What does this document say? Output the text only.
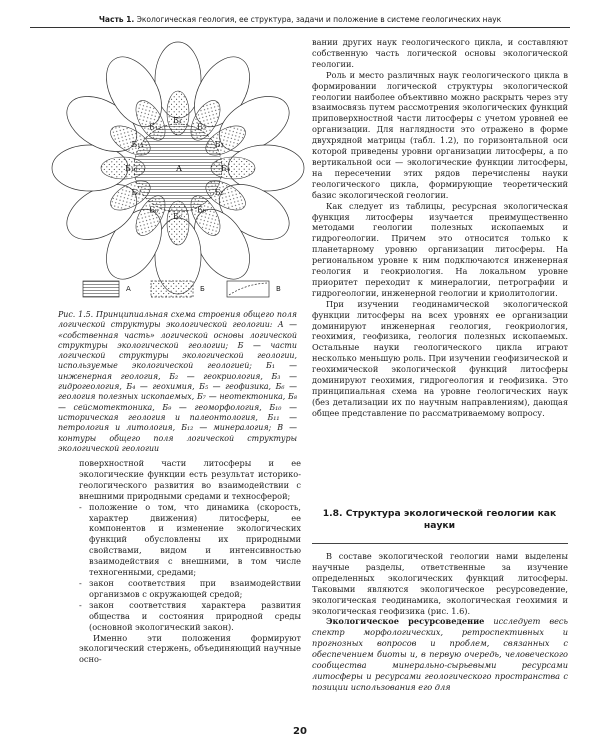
Часть 1. Экологическая геология, ее структура, задачи и положение в системе геологических наук
Б₁
Б₂
Б₃
Б₄
Б₅
Б₆
Б₇
Б₈
Б₉
Б₁₀
Б₁₁
Б₁₂
А
А	Б	В
Рис. 1.5. Принципиальная схема строения общего поля логической структуры экологической геологии: А — «собственная часть» логической основы логической структуры экологической геологии; Б — части логической структуры экологической геологии, используемые экологической геологией; Б₁ — инженерная геология, Б₂ — геокриология, Б₃ — гидрогеология, Б₄ — геохимия, Б₅ — геофизика, Б₆ — геология полезных ископаемых, Б₇ — неотектоника, Б₈ — сейсмотектоника, Б₉ — геоморфология, Б₁₀ — историческая геология и палеонтология, Б₁₁ — петрология и литология, Б₁₂ — минералогия; В — контуры общего поля логической структуры экологической геологии

поверхностной части литосферы и ее экологические функции есть результат историко-геологического развития во взаимодействии с внешними природными средами и техносферой;

- положение о том, что динамика (скорость, характер движения) литосферы, ее компонентов и изменение экологических функций обусловлены их природными свойствами, видом и интенсивностью взаимодействия с внешними, в том числе техногенными, средами;
- закон соответствия при взаимодействии организмов с окружающей средой;
- закон соответствия характера развития общества и состояния природной среды (основной экологический закон).

Именно эти положения формируют экологический стержень, объединяющий научные осно-

вании других наук геологического цикла, и составляют собственную часть логической основы экологической геологии.

Роль и место различных наук геологического цикла в формировании логической структуры экологической геологии наиболее объективно можно раскрыть через эту взаимосвязь путем рассмотрения экологических функций приповерхностной части литосферы с учетом уровней ее организации. Для наглядности это отражено в форме двухрядной матрицы (табл. 1.2), по горизонтальной оси которой приведены уровни организации литосферы, а по вертикальной оси — экологические функции литосферы, на пересечении этих рядов перечислены науки геологического цикла, формирующие теоретический базис экологической геологии.

Как следует из таблицы, ресурсная экологическая функция литосферы изучается преимущественно методами геологии полезных ископаемых и гидрогеологии. Причем это относится только к планетарному уровню организации литосферы. На региональном уровне к ним подключаются инженерная геология и геокриология. На локальном уровне приоритет переходит к минералогии, петрографии и гидрогеологии, инженерной геологии и криолитологии.

При изучении геодинамической экологической функции литосферы на всех уровнях ее организации доминируют инженерная геология, геокриология, геохимия, геофизика, геология полезных ископаемых. Остальные науки геологического цикла играют несколько меньшую роль. При изучении геофизической и геохимической экологической функций литосферы доминируют геохимия, гидрогеология и геофизика. Это принципиальная схема на уровне геологических наук (без детализации их по научным направлениям), дающая общее представление по рассматриваемому вопросу.

1.8. Структура экологической геологии как науки

В составе экологической геологии нами выделены научные разделы, ответственные за изучение определенных экологических функций литосферы. Таковыми являются экологическое ресурсоведение, экологическая геодинамика, экологическая геохимия и экологическая геофизика (рис. 1.6).

Экологическое ресурсоведение исследует весь спектр морфологических, ретроспективных и прогнозных вопросов и проблем, связанных с обеспечением биоты и, в первую очередь, человеческого сообщества минерально-сырьевыми ресурсами литосферы и ресурсами геологического пространства с позиции использования его для

20
